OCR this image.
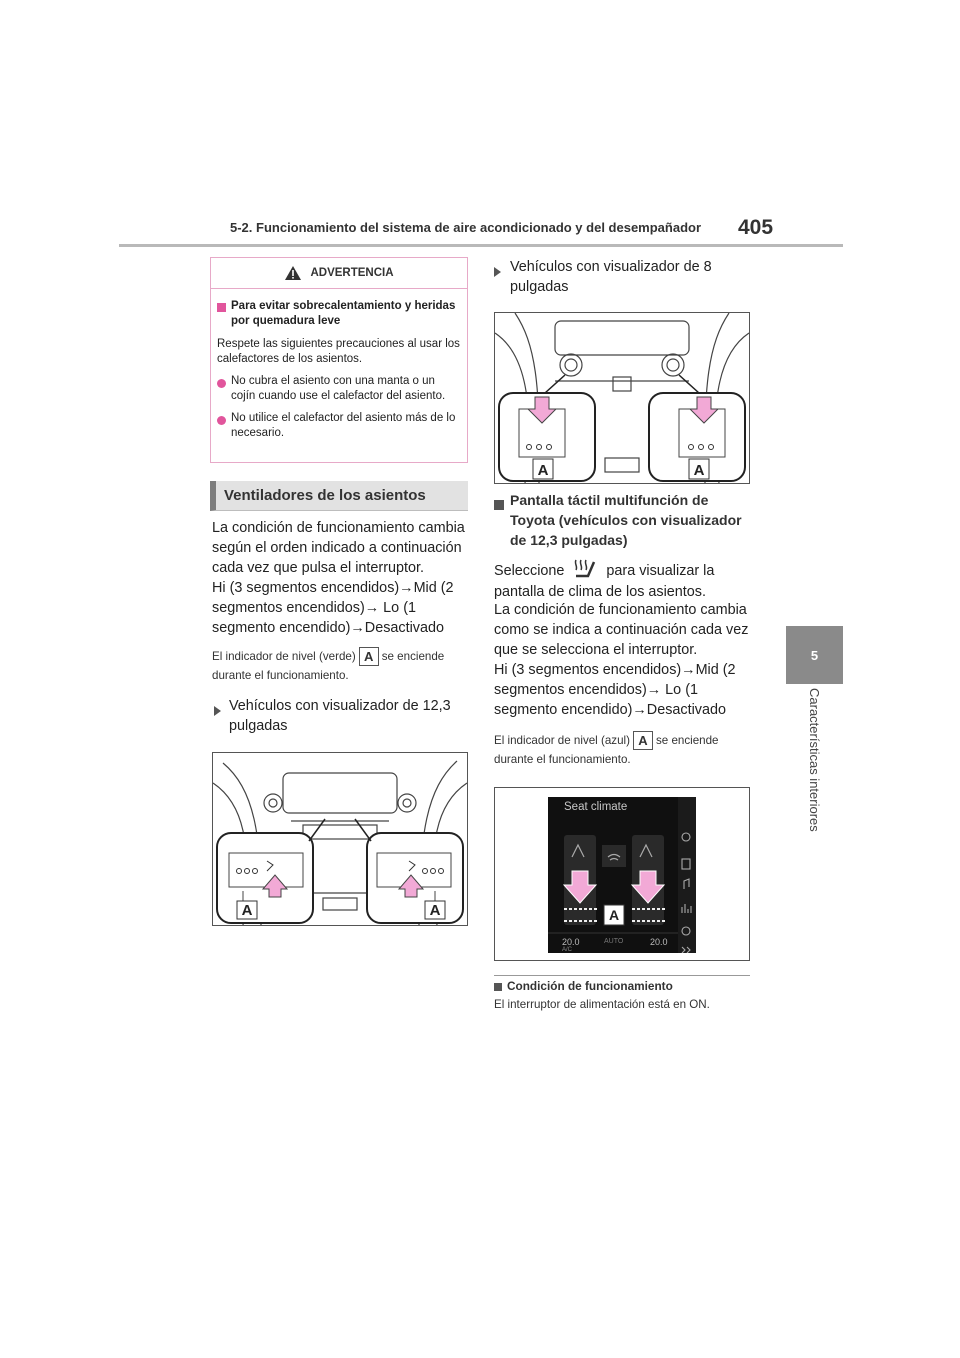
5-2. Funcionamiento del sistema de aire acondicionado y del desempañador 405
5
Características interiores
ADVERTENCIA
Para evitar sobrecalentamiento y heridas por quemadura leve
Respete las siguientes precauciones al usar los calefactores de los asientos.
No cubra el asiento con una manta o un cojín cuando use el calefactor del asiento.
No utilice el calefactor del asiento más de lo necesario.
Ventiladores de los asientos
La condición de funcionamiento cambia según el orden indicado a continuación cada vez que pulsa el interruptor.
Hi (3 segmentos encendidos)→Mid (2 segmentos encendidos)→ Lo (1 segmento encendido)→Desactivado
El indicador de nivel (verde) A se enciende durante el funcionamiento.
Vehículos con visualizador de 12,3 pulgadas
A	A
Vehículos con visualizador de 8 pulgadas
A	A
Pantalla táctil multifunción de Toyota (vehículos con visualizador de 12,3 pulgadas)
Seleccione	para visualizar la pantalla de clima de los asientos.
La condición de funcionamiento cambia como se indica a continuación cada vez que se selecciona el interruptor.
Hi (3 segmentos encendidos)→Mid (2 segmentos encendidos)→ Lo (1 segmento encendido)→Desactivado
El indicador de nivel (azul) A se enciende durante el funcionamiento.
Seat climate
A
20.0
A/C
AUTO	20.0
Condición de funcionamiento
El interruptor de alimentación está en ON.
